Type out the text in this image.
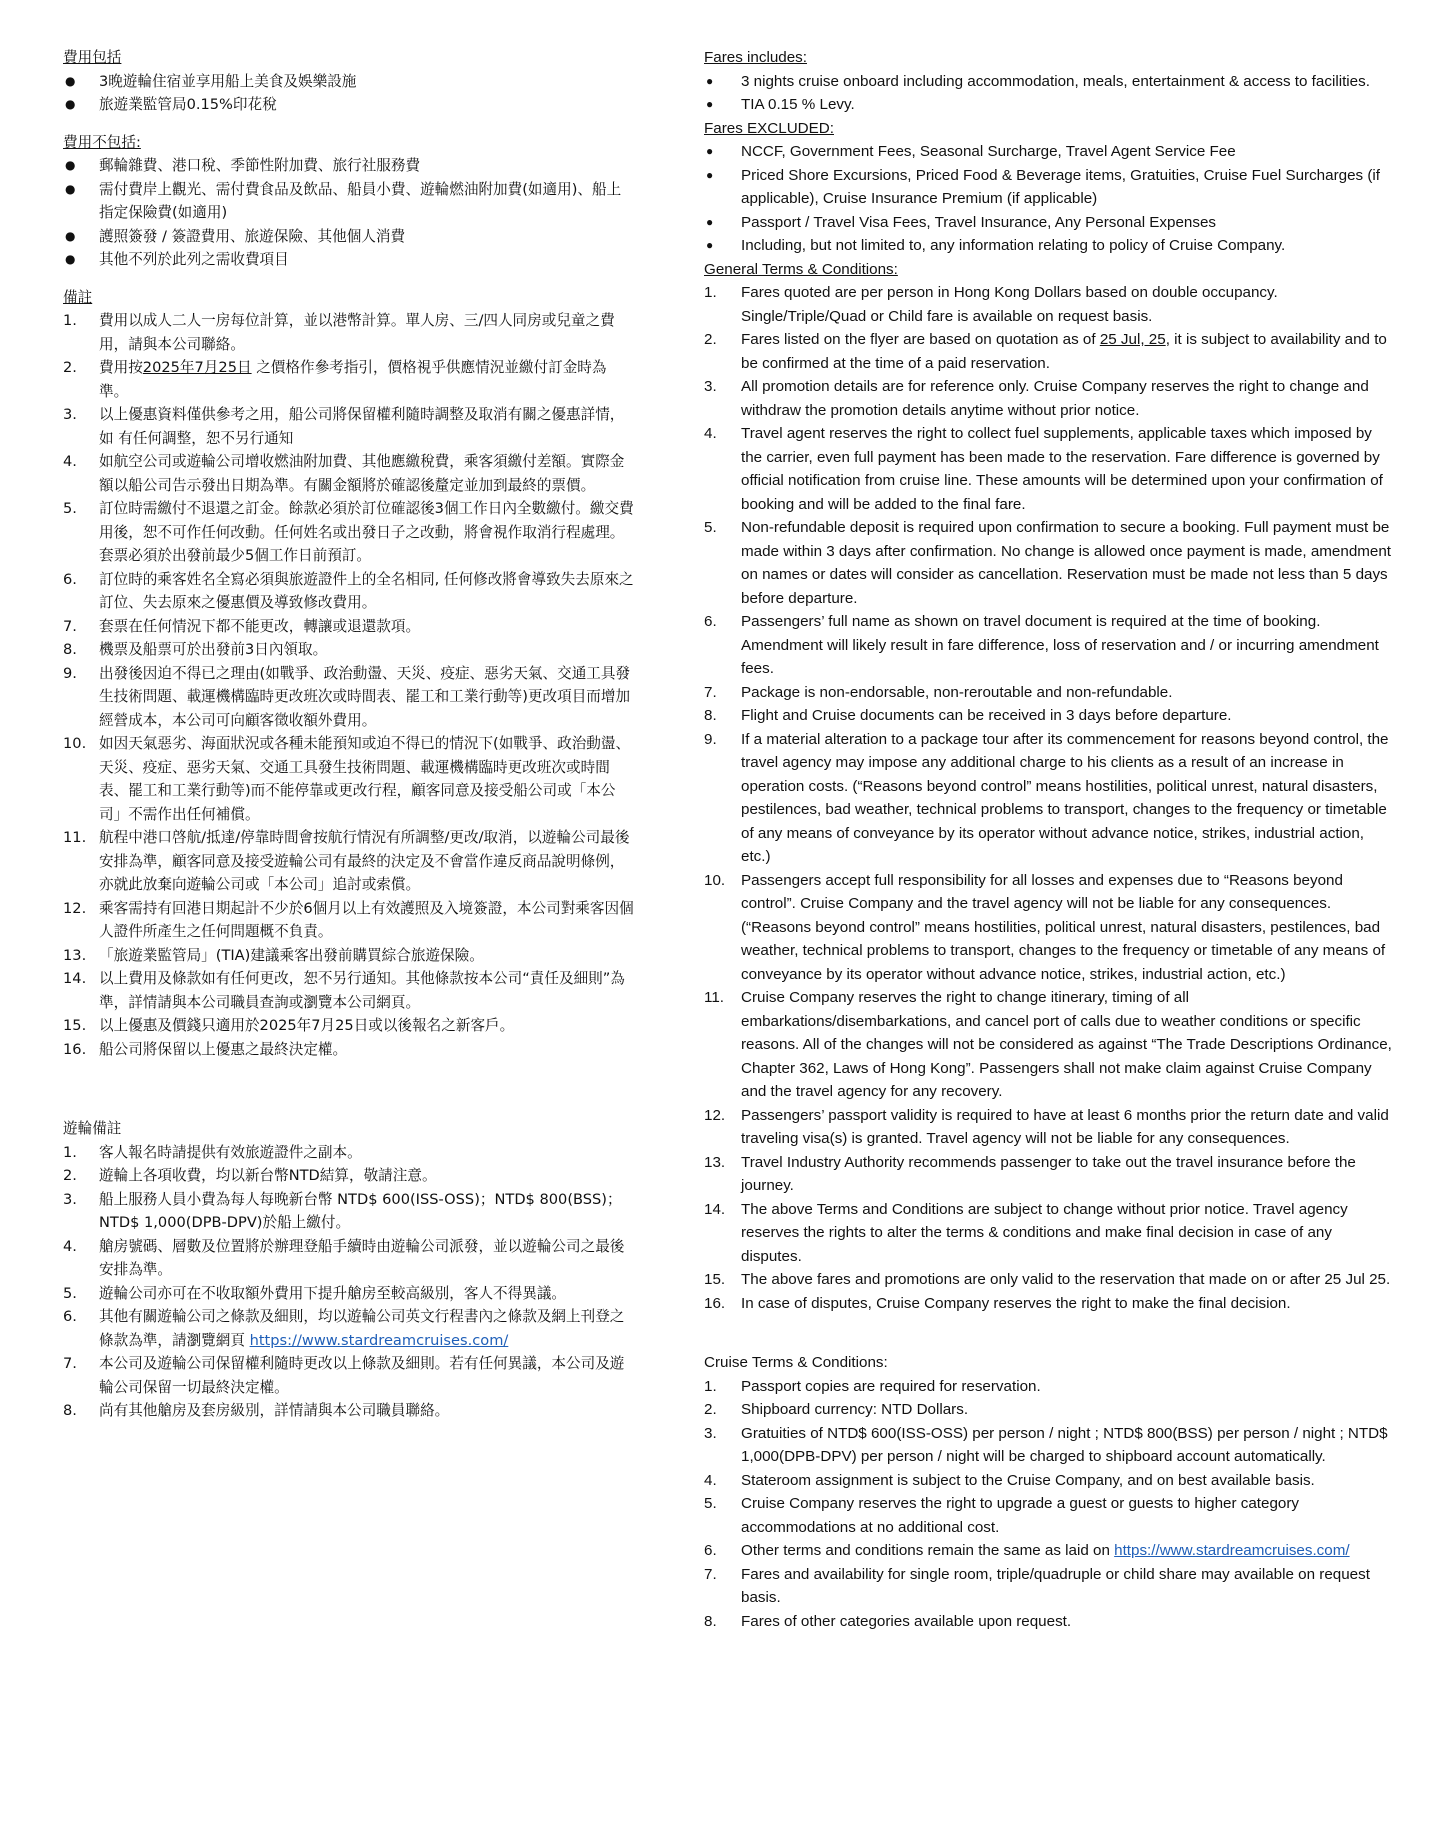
費用包括

● 3晚遊輪住宿並享用船上美食及娛樂設施
● 旅遊業監管局0.15%印花稅

費用不包括:

● 郵輪雜費、港口稅、季節性附加費、旅行社服務費
● 需付費岸上觀光、需付費食品及飲品、船員小費、遊輪燃油附加費(如適用)、船上指定保險費(如適用)
● 護照簽發 / 簽證費用、旅遊保險、其他個人消費
● 其他不列於此列之需收費項目

備註

1. 費用以成人二人一房每位計算，並以港幣計算。單人房、三/四人同房或兒童之費用，請與本公司聯絡。
2. 費用按2025年7月25日 之價格作參考指引，價格視乎供應情況並繳付訂金時為準。
3. 以上優惠資料僅供參考之用，船公司將保留權利隨時調整及取消有關之優惠詳情，如 有任何調整，恕不另行通知
4. 如航空公司或遊輪公司增收燃油附加費、其他應繳稅費，乘客須繳付差額。實際金額以船公司告示發出日期為準。有關金額將於確認後釐定並加到最終的票價。
5. 訂位時需繳付不退還之訂金。餘款必須於訂位確認後3個工作日內全數繳付。繳交費用後，恕不可作任何改動。任何姓名或出發日子之改動，將會視作取消行程處理。套票必須於出發前最少5個工作日前預訂。
6. 訂位時的乘客姓名全寫必須與旅遊證件上的全名相同, 任何修改將會導致失去原來之訂位、失去原來之優惠價及導致修改費用。
7. 套票在任何情況下都不能更改，轉讓或退還款項。
8. 機票及船票可於出發前3日內領取。
9. 出發後因迫不得已之理由(如戰爭、政治動盪、天災、疫症、惡劣天氣、交通工具發生技術問題、載運機構臨時更改班次或時間表、罷工和工業行動等)更改項目而增加經營成本，本公司可向顧客徵收額外費用。
10. 如因天氣惡劣、海面狀況或各種未能預知或迫不得已的情況下(如戰爭、政治動盪、天災、疫症、惡劣天氣、交通工具發生技術問題、載運機構臨時更改班次或時間表、罷工和工業行動等)而不能停靠或更改行程，顧客同意及接受船公司或「本公司」不需作出任何補償。
11. 航程中港口啓航/抵達/停靠時間會按航行情況有所調整/更改/取消，以遊輪公司最後安排為準，顧客同意及接受遊輪公司有最終的決定及不會當作違反商品說明條例，亦就此放棄向遊輪公司或「本公司」追討或索償。
12. 乘客需持有回港日期起計不少於6個月以上有效護照及入境簽證，本公司對乘客因個人證件所產生之任何問題概不負責。
13. 「旅遊業監管局」(TIA)建議乘客出發前購買綜合旅遊保險。
14. 以上費用及條款如有任何更改，恕不另行通知。其他條款按本公司“責任及細則”為準，詳情請與本公司職員查詢或瀏覽本公司網頁。
15. 以上優惠及價錢只適用於2025年7月25日或以後報名之新客戶。
16. 船公司將保留以上優惠之最終決定權。

遊輪備註

1. 客人報名時請提供有效旅遊證件之副本。
2. 遊輪上各項收費，均以新台幣NTD結算，敬請注意。
3. 船上服務人員小費為每人每晚新台幣 NTD$ 600(ISS-OSS)；NTD$ 800(BSS)；NTD$ 1,000(DPB-DPV)於船上繳付。
4. 艙房號碼、層數及位置將於辦理登船手續時由遊輪公司派發，並以遊輪公司之最後安排為準。
5. 遊輪公司亦可在不收取額外費用下提升艙房至較高級別，客人不得異議。
6. 其他有關遊輪公司之條款及細則，均以遊輪公司英文行程書內之條款及網上刊登之條款為準，請瀏覽網頁 https://www.stardreamcruises.com/
7. 本公司及遊輪公司保留權利隨時更改以上條款及細則。若有任何異議，本公司及遊輪公司保留一切最終決定權。
8. 尚有其他艙房及套房級別，詳情請與本公司職員聯絡。

Fares includes:

● 3 nights cruise onboard including accommodation, meals, entertainment & access to facilities.
● TIA 0.15 % Levy.

Fares EXCLUDED:

● NCCF, Government Fees, Seasonal Surcharge, Travel Agent Service Fee
● Priced Shore Excursions, Priced Food & Beverage items, Gratuities, Cruise Fuel Surcharges (if applicable), Cruise Insurance Premium (if applicable)
● Passport / Travel Visa Fees, Travel Insurance, Any Personal Expenses
● Including, but not limited to, any information relating to policy of Cruise Company.

General Terms & Conditions:

1. Fares quoted are per person in Hong Kong Dollars based on double occupancy. Single/Triple/Quad or Child fare is available on request basis.
2. Fares listed on the flyer are based on quotation as of 25 Jul, 25, it is subject to availability and to be confirmed at the time of a paid reservation.
3. All promotion details are for reference only. Cruise Company reserves the right to change and withdraw the promotion details anytime without prior notice.
4. Travel agent reserves the right to collect fuel supplements, applicable taxes which imposed by the carrier, even full payment has been made to the reservation. Fare difference is governed by official notification from cruise line. These amounts will be determined upon your confirmation of booking and will be added to the final fare.
5. Non-refundable deposit is required upon confirmation to secure a booking. Full payment must be made within 3 days after confirmation. No change is allowed once payment is made, amendment on names or dates will consider as cancellation. Reservation must be made not less than 5 days before departure.
6. Passengers’ full name as shown on travel document is required at the time of booking. Amendment will likely result in fare difference, loss of reservation and / or incurring amendment fees.
7. Package is non-endorsable, non-reroutable and non-refundable.
8. Flight and Cruise documents can be received in 3 days before departure.
9. If a material alteration to a package tour after its commencement for reasons beyond control, the travel agency may impose any additional charge to his clients as a result of an increase in operation costs. (“Reasons beyond control” means hostilities, political unrest, natural disasters, pestilences, bad weather, technical problems to transport, changes to the frequency or timetable of any means of conveyance by its operator without advance notice, strikes, industrial action, etc.)
10. Passengers accept full responsibility for all losses and expenses due to “Reasons beyond control”. Cruise Company and the travel agency will not be liable for any consequences. (“Reasons beyond control” means hostilities, political unrest, natural disasters, pestilences, bad weather, technical problems to transport, changes to the frequency or timetable of any means of conveyance by its operator without advance notice, strikes, industrial action, etc.)
11. Cruise Company reserves the right to change itinerary, timing of all embarkations/disembarkations, and cancel port of calls due to weather conditions or specific reasons. All of the changes will not be considered as against “The Trade Descriptions Ordinance, Chapter 362, Laws of Hong Kong”. Passengers shall not make claim against Cruise Company and the travel agency for any recovery.
12. Passengers’ passport validity is required to have at least 6 months prior the return date and valid traveling visa(s) is granted. Travel agency will not be liable for any consequences.
13. Travel Industry Authority recommends passenger to take out the travel insurance before the journey.
14. The above Terms and Conditions are subject to change without prior notice. Travel agency reserves the rights to alter the terms & conditions and make final decision in case of any disputes.
15. The above fares and promotions are only valid to the reservation that made on or after 25 Jul 25.
16. In case of disputes, Cruise Company reserves the right to make the final decision.

Cruise Terms & Conditions:

1. Passport copies are required for reservation.
2. Shipboard currency: NTD Dollars.
3. Gratuities of NTD$ 600(ISS-OSS) per person / night ; NTD$ 800(BSS) per person / night ; NTD$ 1,000(DPB-DPV) per person / night will be charged to shipboard account automatically.
4. Stateroom assignment is subject to the Cruise Company, and on best available basis.
5. Cruise Company reserves the right to upgrade a guest or guests to higher category accommodations at no additional cost.
6. Other terms and conditions remain the same as laid on https://www.stardreamcruises.com/
7. Fares and availability for single room, triple/quadruple or child share may available on request basis.
8. Fares of other categories available upon request.
